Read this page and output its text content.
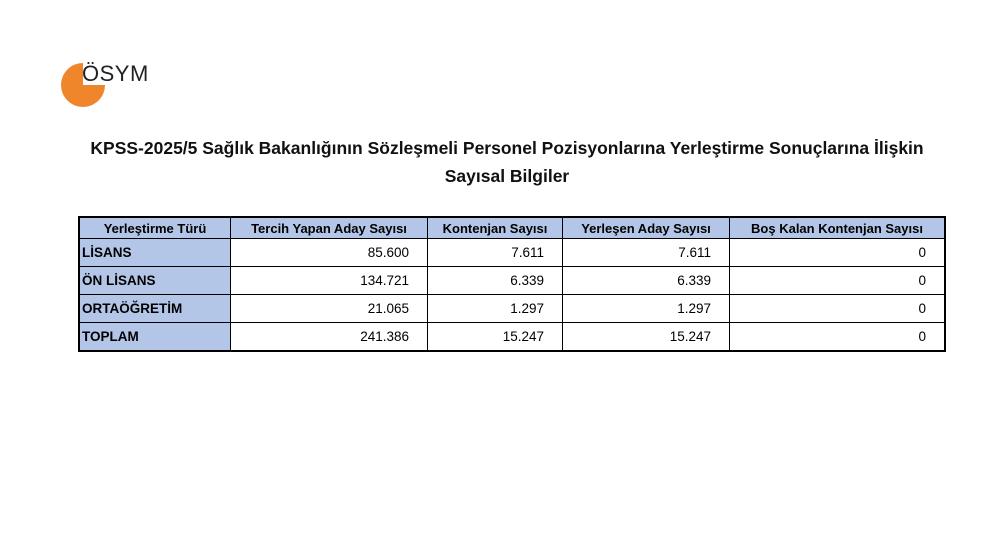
ÖSYM
KPSS-2025/5 Sağlık Bakanlığının Sözleşmeli Personel Pozisyonlarına Yerleştirme Sonuçlarına İlişkin
Sayısal Bilgiler
Yerleştirme Türü	Tercih Yapan Aday Sayısı	Kontenjan Sayısı	Yerleşen Aday Sayısı	Boş Kalan Kontenjan Sayısı
LİSANS	85.600	7.611	7.611	0
ÖN LİSANS	134.721	6.339	6.339	0
ORTAÖĞRETİM	21.065	1.297	1.297	0
TOPLAM	241.386	15.247	15.247	0
